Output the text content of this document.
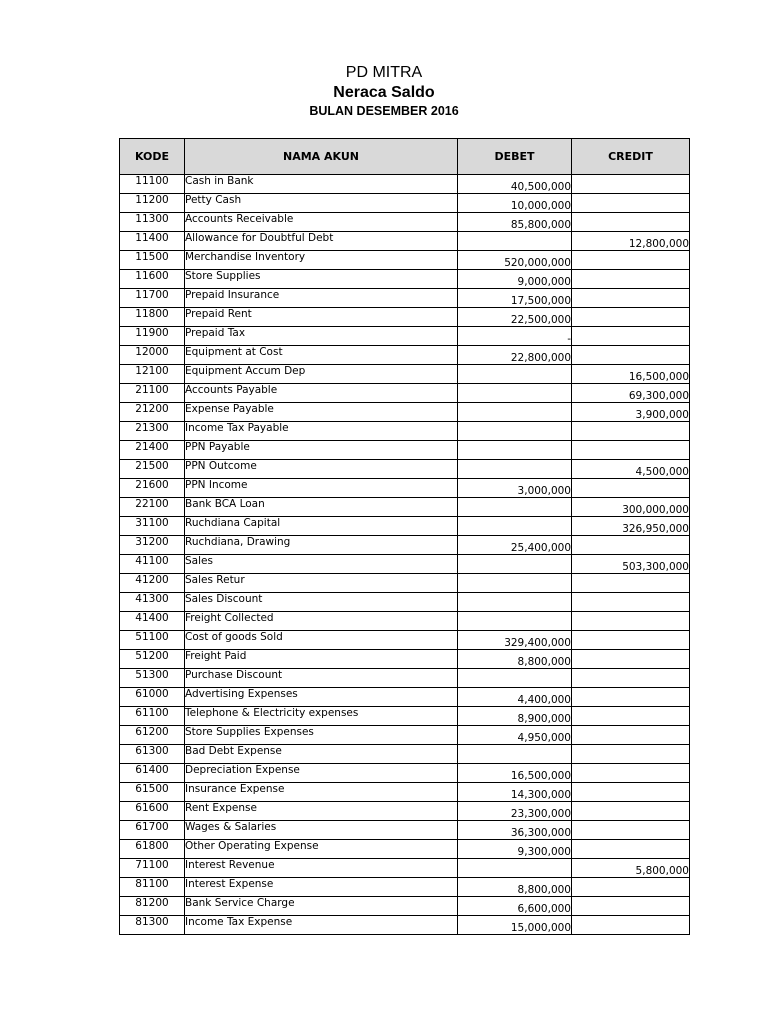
PD MITRA
Neraca Saldo
BULAN DESEMBER 2016
KODE	NAMA AKUN	DEBET	CREDIT
11100	Cash in Bank	40,500,000	
11200	Petty Cash	10,000,000	
11300	Accounts Receivable	85,800,000	
11400	Allowance for Doubtful Debt		12,800,000
11500	Merchandise Inventory	520,000,000	
11600	Store Supplies	9,000,000	
11700	Prepaid Insurance	17,500,000	
11800	Prepaid Rent	22,500,000	
11900	Prepaid Tax	-	
12000	Equipment at Cost	22,800,000	
12100	Equipment Accum Dep		16,500,000
21100	Accounts Payable		69,300,000
21200	Expense Payable		3,900,000
21300	Income Tax Payable		
21400	PPN Payable		
21500	PPN Outcome		4,500,000
21600	PPN Income	3,000,000	
22100	Bank BCA Loan		300,000,000
31100	Ruchdiana Capital		326,950,000
31200	Ruchdiana, Drawing	25,400,000	
41100	Sales		503,300,000
41200	Sales Retur		
41300	Sales Discount		
41400	Freight Collected		
51100	Cost of goods Sold	329,400,000	
51200	Freight Paid	8,800,000	
51300	Purchase Discount		
61000	Advertising Expenses	4,400,000	
61100	Telephone & Electricity expenses	8,900,000	
61200	Store Supplies Expenses	4,950,000	
61300	Bad Debt Expense		
61400	Depreciation Expense	16,500,000	
61500	Insurance Expense	14,300,000	
61600	Rent Expense	23,300,000	
61700	Wages & Salaries	36,300,000	
61800	Other Operating Expense	9,300,000	
71100	Interest Revenue		5,800,000
81100	Interest Expense	8,800,000	
81200	Bank Service Charge	6,600,000	
81300	Income Tax Expense	15,000,000	
